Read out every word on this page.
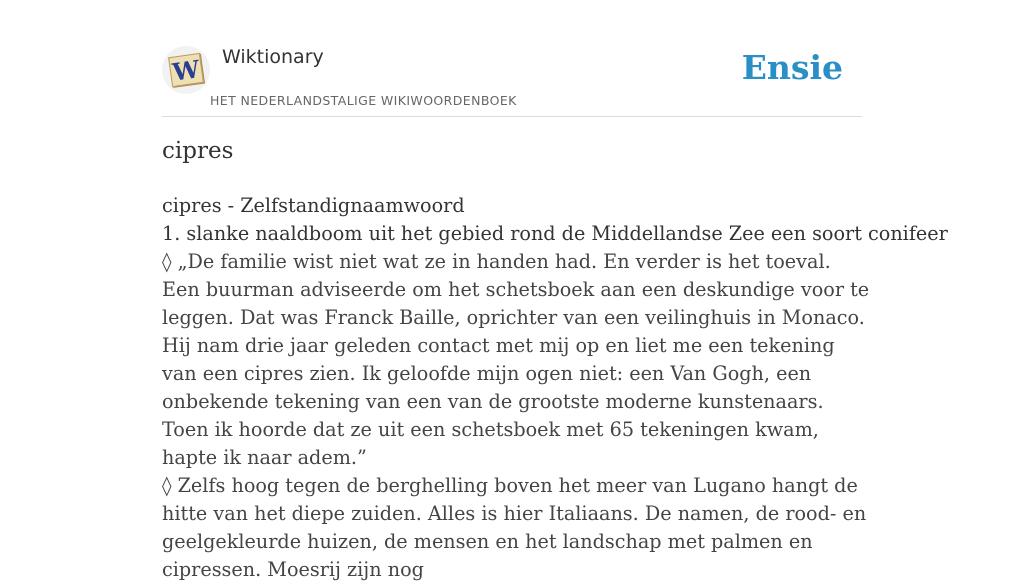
W Wiktionary
HET NEDERLANDSTALIGE WIKIWOORDENBOEK
Ensie
cipres

cipres - Zelfstandignaamwoord

1. slanke naaldboom uit het gebied rond de Middellandse Zee een soort conifeer

◊ „De familie wist niet wat ze in handen had. En verder is het toeval. Een buurman adviseerde om het schetsboek aan een deskundige voor te leggen. Dat was Franck Baille, oprichter van een veilinghuis in Monaco. Hij nam drie jaar geleden contact met mij op en liet me een tekening van een cipres zien. Ik geloofde mijn ogen niet: een Van Gogh, een onbekende tekening van een van de grootste moderne kunstenaars. Toen ik hoorde dat ze uit een schetsboek met 65 tekeningen kwam, hapte ik naar adem.”

◊ Zelfs hoog tegen de berghelling boven het meer van Lugano hangt de hitte van het diepe zuiden. Alles is hier Italiaans. De namen, de rood- en geelgekleurde huizen, de mensen en het landschap met palmen en cipressen. Moesrij zijn nog
